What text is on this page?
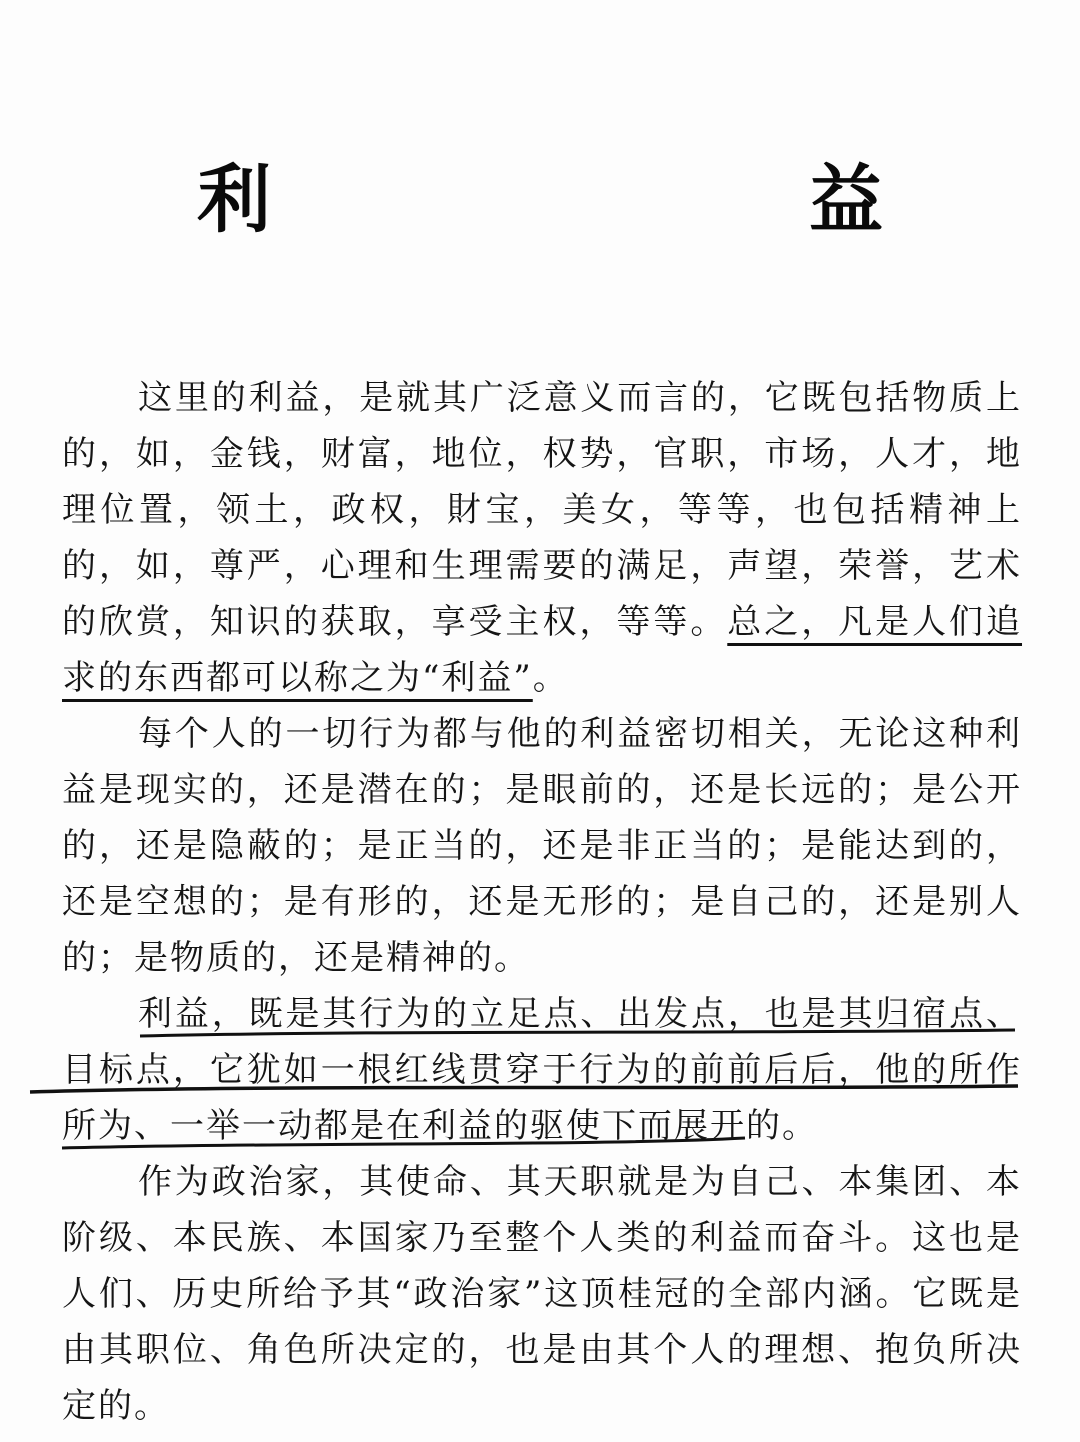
利　　益

这里的利益，是就其广泛意义而言的，它既包括物质上的，如，金钱，财富，地位，权势，官职，市场，人才，地理位置，领土，政权，財宝，美女，等等，也包括精神上的，如，尊严，心理和生理需要的满足，声望，荣誉，艺术的欣赏，知识的获取，享受主权，等等。总之，凡是人们追求的东西都可以称之为“利益”。

每个人的一切行为都与他的利益密切相关，无论这种利益是现实的，还是潜在的；是眼前的，还是长远的；是公开的，还是隐蔽的；是正当的，还是非正当的；是能达到的，还是空想的；是有形的，还是无形的；是自己的，还是别人的；是物质的，还是精神的。

利益，既是其行为的立足点、出发点，也是其归宿点、目标点，它犹如一根红线贯穿于行为的前前后后，他的所作所为、一举一动都是在利益的驱使下而展开的。

作为政治家，其使命、其天职就是为自己、本集团、本阶级、本民族、本国家乃至整个人类的利益而奋斗。这也是人们、历史所给予其“政治家”这顶桂冠的全部内涵。它既是由其职位、角色所决定的，也是由其个人的理想、抱负所决定的。
